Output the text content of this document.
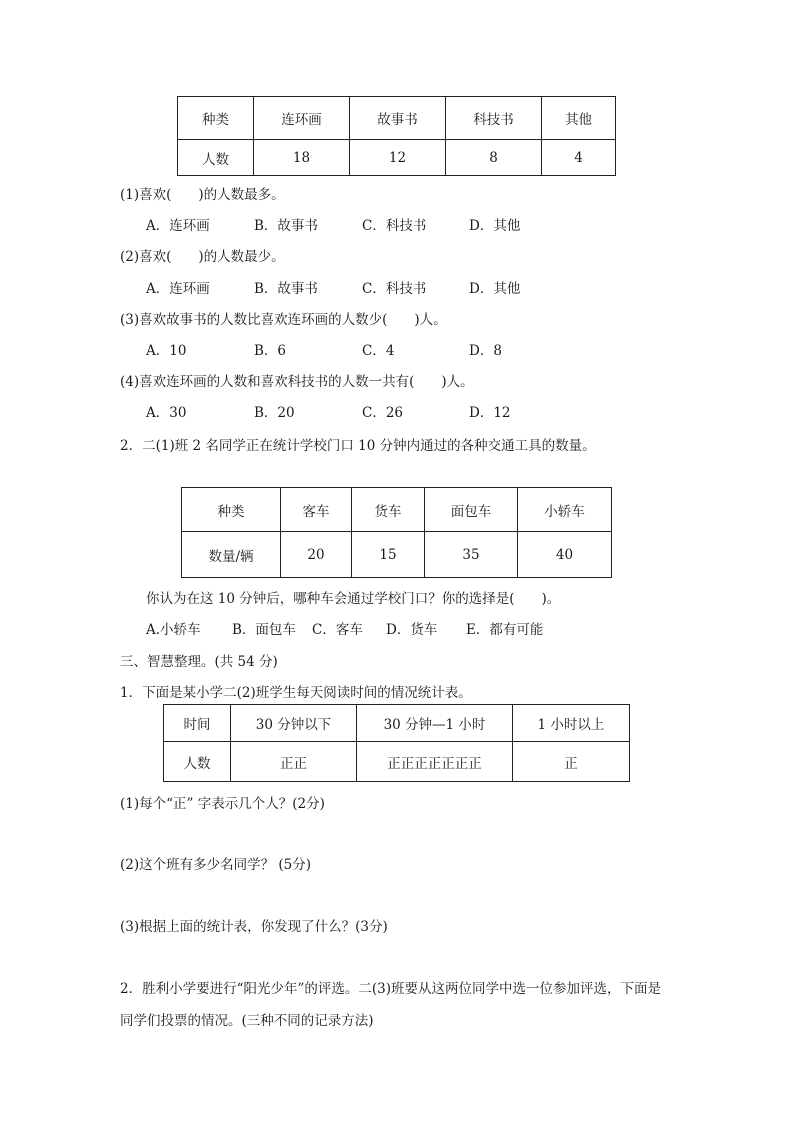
种类	连环画	故事书	科技书	其他
人数	18	12	8	4
(1)喜欢(　　)的人数最多。
A．连环画	B．故事书	C．科技书	D．其他
(2)喜欢(　　)的人数最少。
A．连环画	B．故事书	C．科技书	D．其他
(3)喜欢故事书的人数比喜欢连环画的人数少(　　)人。
A．10	B．6	C．4	D．8
(4)喜欢连环画的人数和喜欢科技书的人数一共有(　　)人。
A．30	B．20	C．26	D．12
2．二(1)班 2 名同学正在统计学校门口 10 分钟内通过的各种交通工具的数量。
种类	客车	货车	面包车	小轿车
数量/辆	20	15	35	40
你认为在这 10 分钟后，哪种车会通过学校门口？你的选择是(　　)。
A.小轿车 B．面包车 C．客车 D．货车 E．都有可能
三、智慧整理。(共 54 分)
1．下面是某小学二(2)班学生每天阅读时间的情况统计表。
时间	30 分钟以下	30 分钟—1 小时	1 小时以上
人数	正正	正正正正正正正	正
(1)每个“正” 字表示几个人？(2分)
(2)这个班有多少名同学？ (5分)
(3)根据上面的统计表，你发现了什么？(3分)
2．胜利小学要进行“阳光少年”的评选。二(3)班要从这两位同学中选一位参加评选，下面是
同学们投票的情况。(三种不同的记录方法)
